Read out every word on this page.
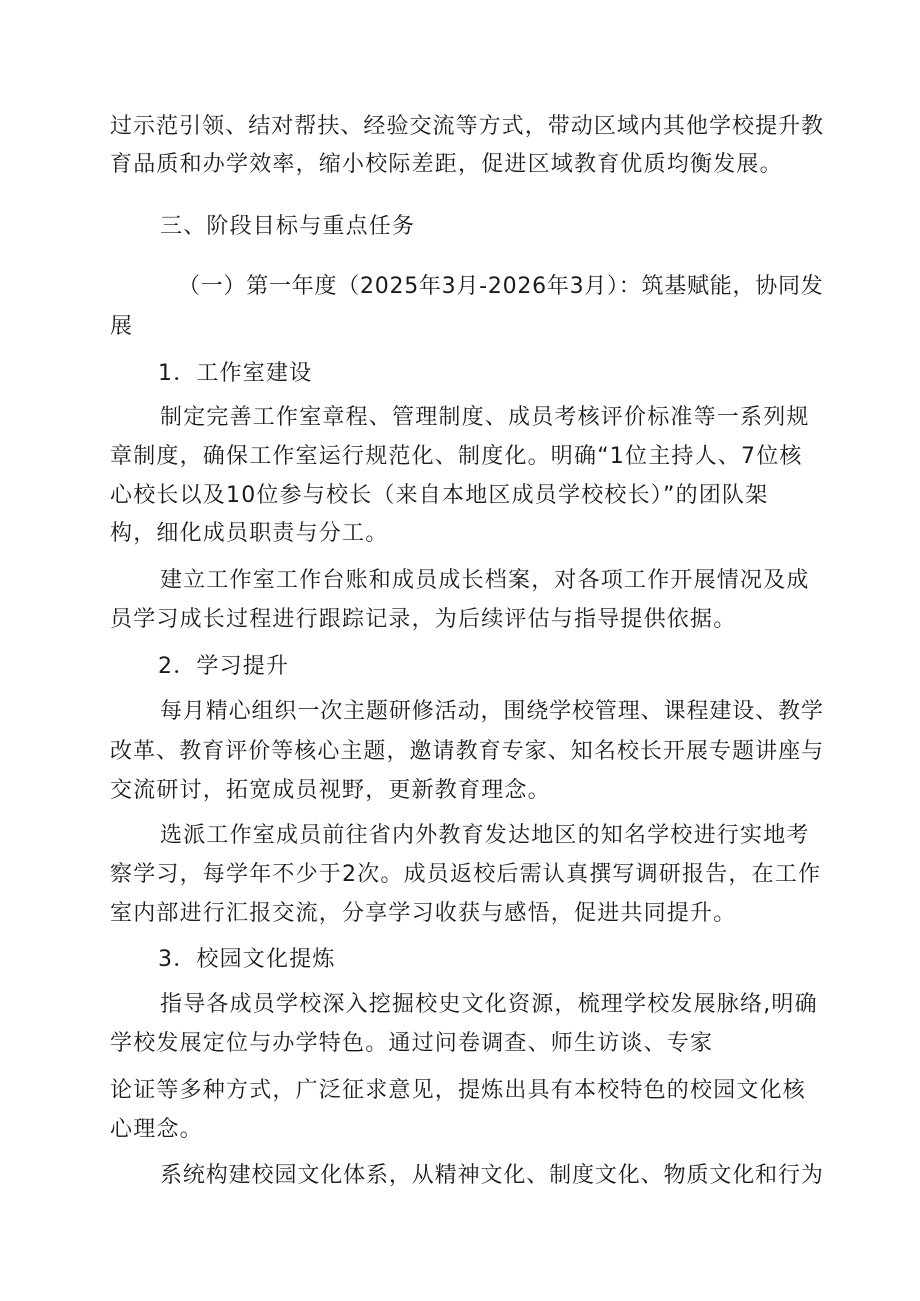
过示范引领、结对帮扶、经验交流等方式，带动区域内其他学校提升教
育品质和办学效率，缩小校际差距，促进区域教育优质均衡发展。
三、阶段目标与重点任务
（一）第一年度（2025年3月-2026年3月）：筑基赋能，协同发
展
1．工作室建设
制定完善工作室章程、管理制度、成员考核评价标准等一系列规
章制度，确保工作室运行规范化、制度化。明确“1位主持人、7位核
心校长以及10位参与校长（来自本地区成员学校校长）”的团队架
构，细化成员职责与分工。
建立工作室工作台账和成员成长档案，对各项工作开展情况及成
员学习成长过程进行跟踪记录，为后续评估与指导提供依据。
2．学习提升
每月精心组织一次主题研修活动，围绕学校管理、课程建设、教学
改革、教育评价等核心主题，邀请教育专家、知名校长开展专题讲座与
交流研讨，拓宽成员视野，更新教育理念。
选派工作室成员前往省内外教育发达地区的知名学校进行实地考
察学习，每学年不少于2次。成员返校后需认真撰写调研报告，在工作
室内部进行汇报交流，分享学习收获与感悟，促进共同提升。
3．校园文化提炼
指导各成员学校深入挖掘校史文化资源，梳理学校发展脉络,明确
学校发展定位与办学特色。通过问卷调查、师生访谈、专家
论证等多种方式，广泛征求意见，提炼出具有本校特色的校园文化核
心理念。
系统构建校园文化体系，从精神文化、制度文化、物质文化和行为
